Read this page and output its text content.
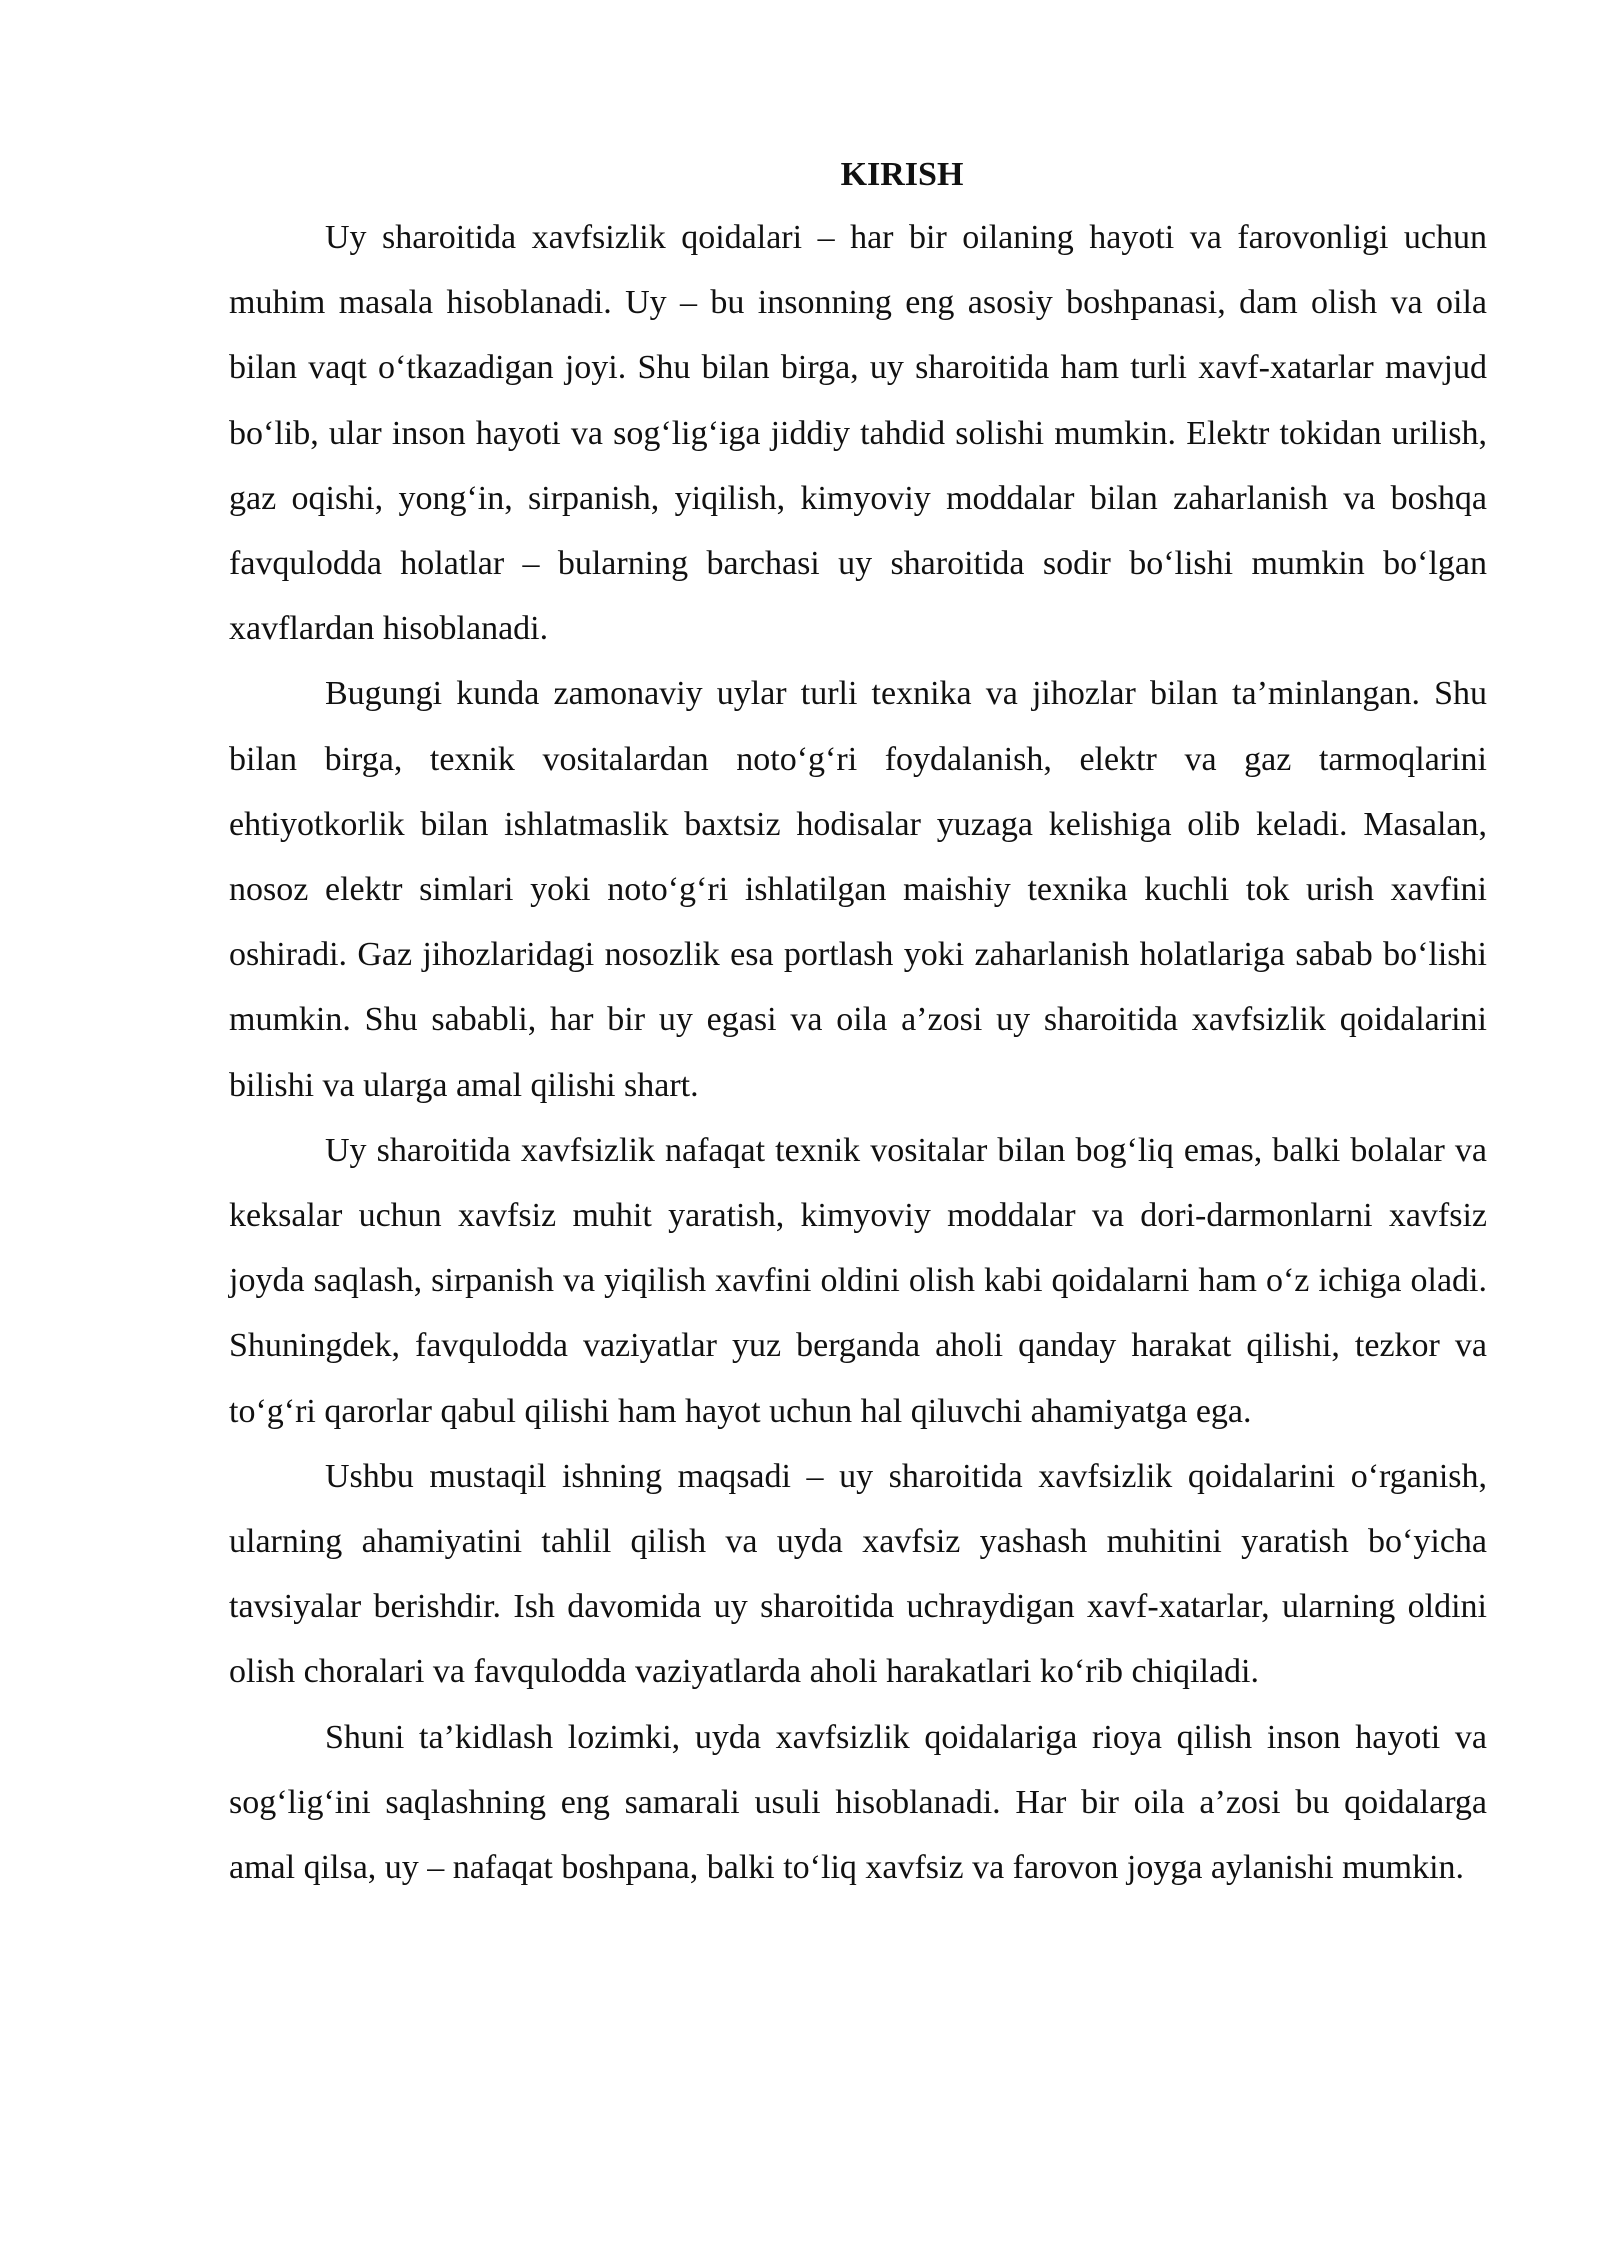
KIRISH

Uy sharoitida xavfsizlik qoidalari – har bir oilaning hayoti va farovonligi uchun muhim masala hisoblanadi. Uy – bu insonning eng asosiy boshpanasi, dam olish va oila bilan vaqt oʻtkazadigan joyi. Shu bilan birga, uy sharoitida ham turli xavf-xatarlar mavjud boʻlib, ular inson hayoti va sogʻligʻiga jiddiy tahdid solishi mumkin. Elektr tokidan urilish, gaz oqishi, yongʻin, sirpanish, yiqilish, kimyoviy moddalar bilan zaharlanish va boshqa favqulodda holatlar – bularning barchasi uy sharoitida sodir boʻlishi mumkin boʻlgan xavflardan hisoblanadi.

Bugungi kunda zamonaviy uylar turli texnika va jihozlar bilan ta’minlangan. Shu bilan birga, texnik vositalardan notoʻgʻri foydalanish, elektr va gaz tarmoqlarini ehtiyotkorlik bilan ishlatmaslik baxtsiz hodisalar yuzaga kelishiga olib keladi. Masalan, nosoz elektr simlari yoki notoʻgʻri ishlatilgan maishiy texnika kuchli tok urish xavfini oshiradi. Gaz jihozlaridagi nosozlik esa portlash yoki zaharlanish holatlariga sabab boʻlishi mumkin. Shu sababli, har bir uy egasi va oila a’zosi uy sharoitida xavfsizlik qoidalarini bilishi va ularga amal qilishi shart.

Uy sharoitida xavfsizlik nafaqat texnik vositalar bilan bogʻliq emas, balki bolalar va keksalar uchun xavfsiz muhit yaratish, kimyoviy moddalar va dori-darmonlarni xavfsiz joyda saqlash, sirpanish va yiqilish xavfini oldini olish kabi qoidalarni ham oʻz ichiga oladi. Shuningdek, favqulodda vaziyatlar yuz berganda aholi qanday harakat qilishi, tezkor va toʻgʻri qarorlar qabul qilishi ham hayot uchun hal qiluvchi ahamiyatga ega.

Ushbu mustaqil ishning maqsadi – uy sharoitida xavfsizlik qoidalarini oʻrganish, ularning ahamiyatini tahlil qilish va uyda xavfsiz yashash muhitini yaratish boʻyicha tavsiyalar berishdir. Ish davomida uy sharoitida uchraydigan xavf-xatarlar, ularning oldini olish choralari va favqulodda vaziyatlarda aholi harakatlari koʻrib chiqiladi.

Shuni ta’kidlash lozimki, uyda xavfsizlik qoidalariga rioya qilish inson hayoti va sogʻligʻini saqlashning eng samarali usuli hisoblanadi. Har bir oila a’zosi bu qoidalarga amal qilsa, uy – nafaqat boshpana, balki toʻliq xavfsiz va farovon joyga aylanishi mumkin.
